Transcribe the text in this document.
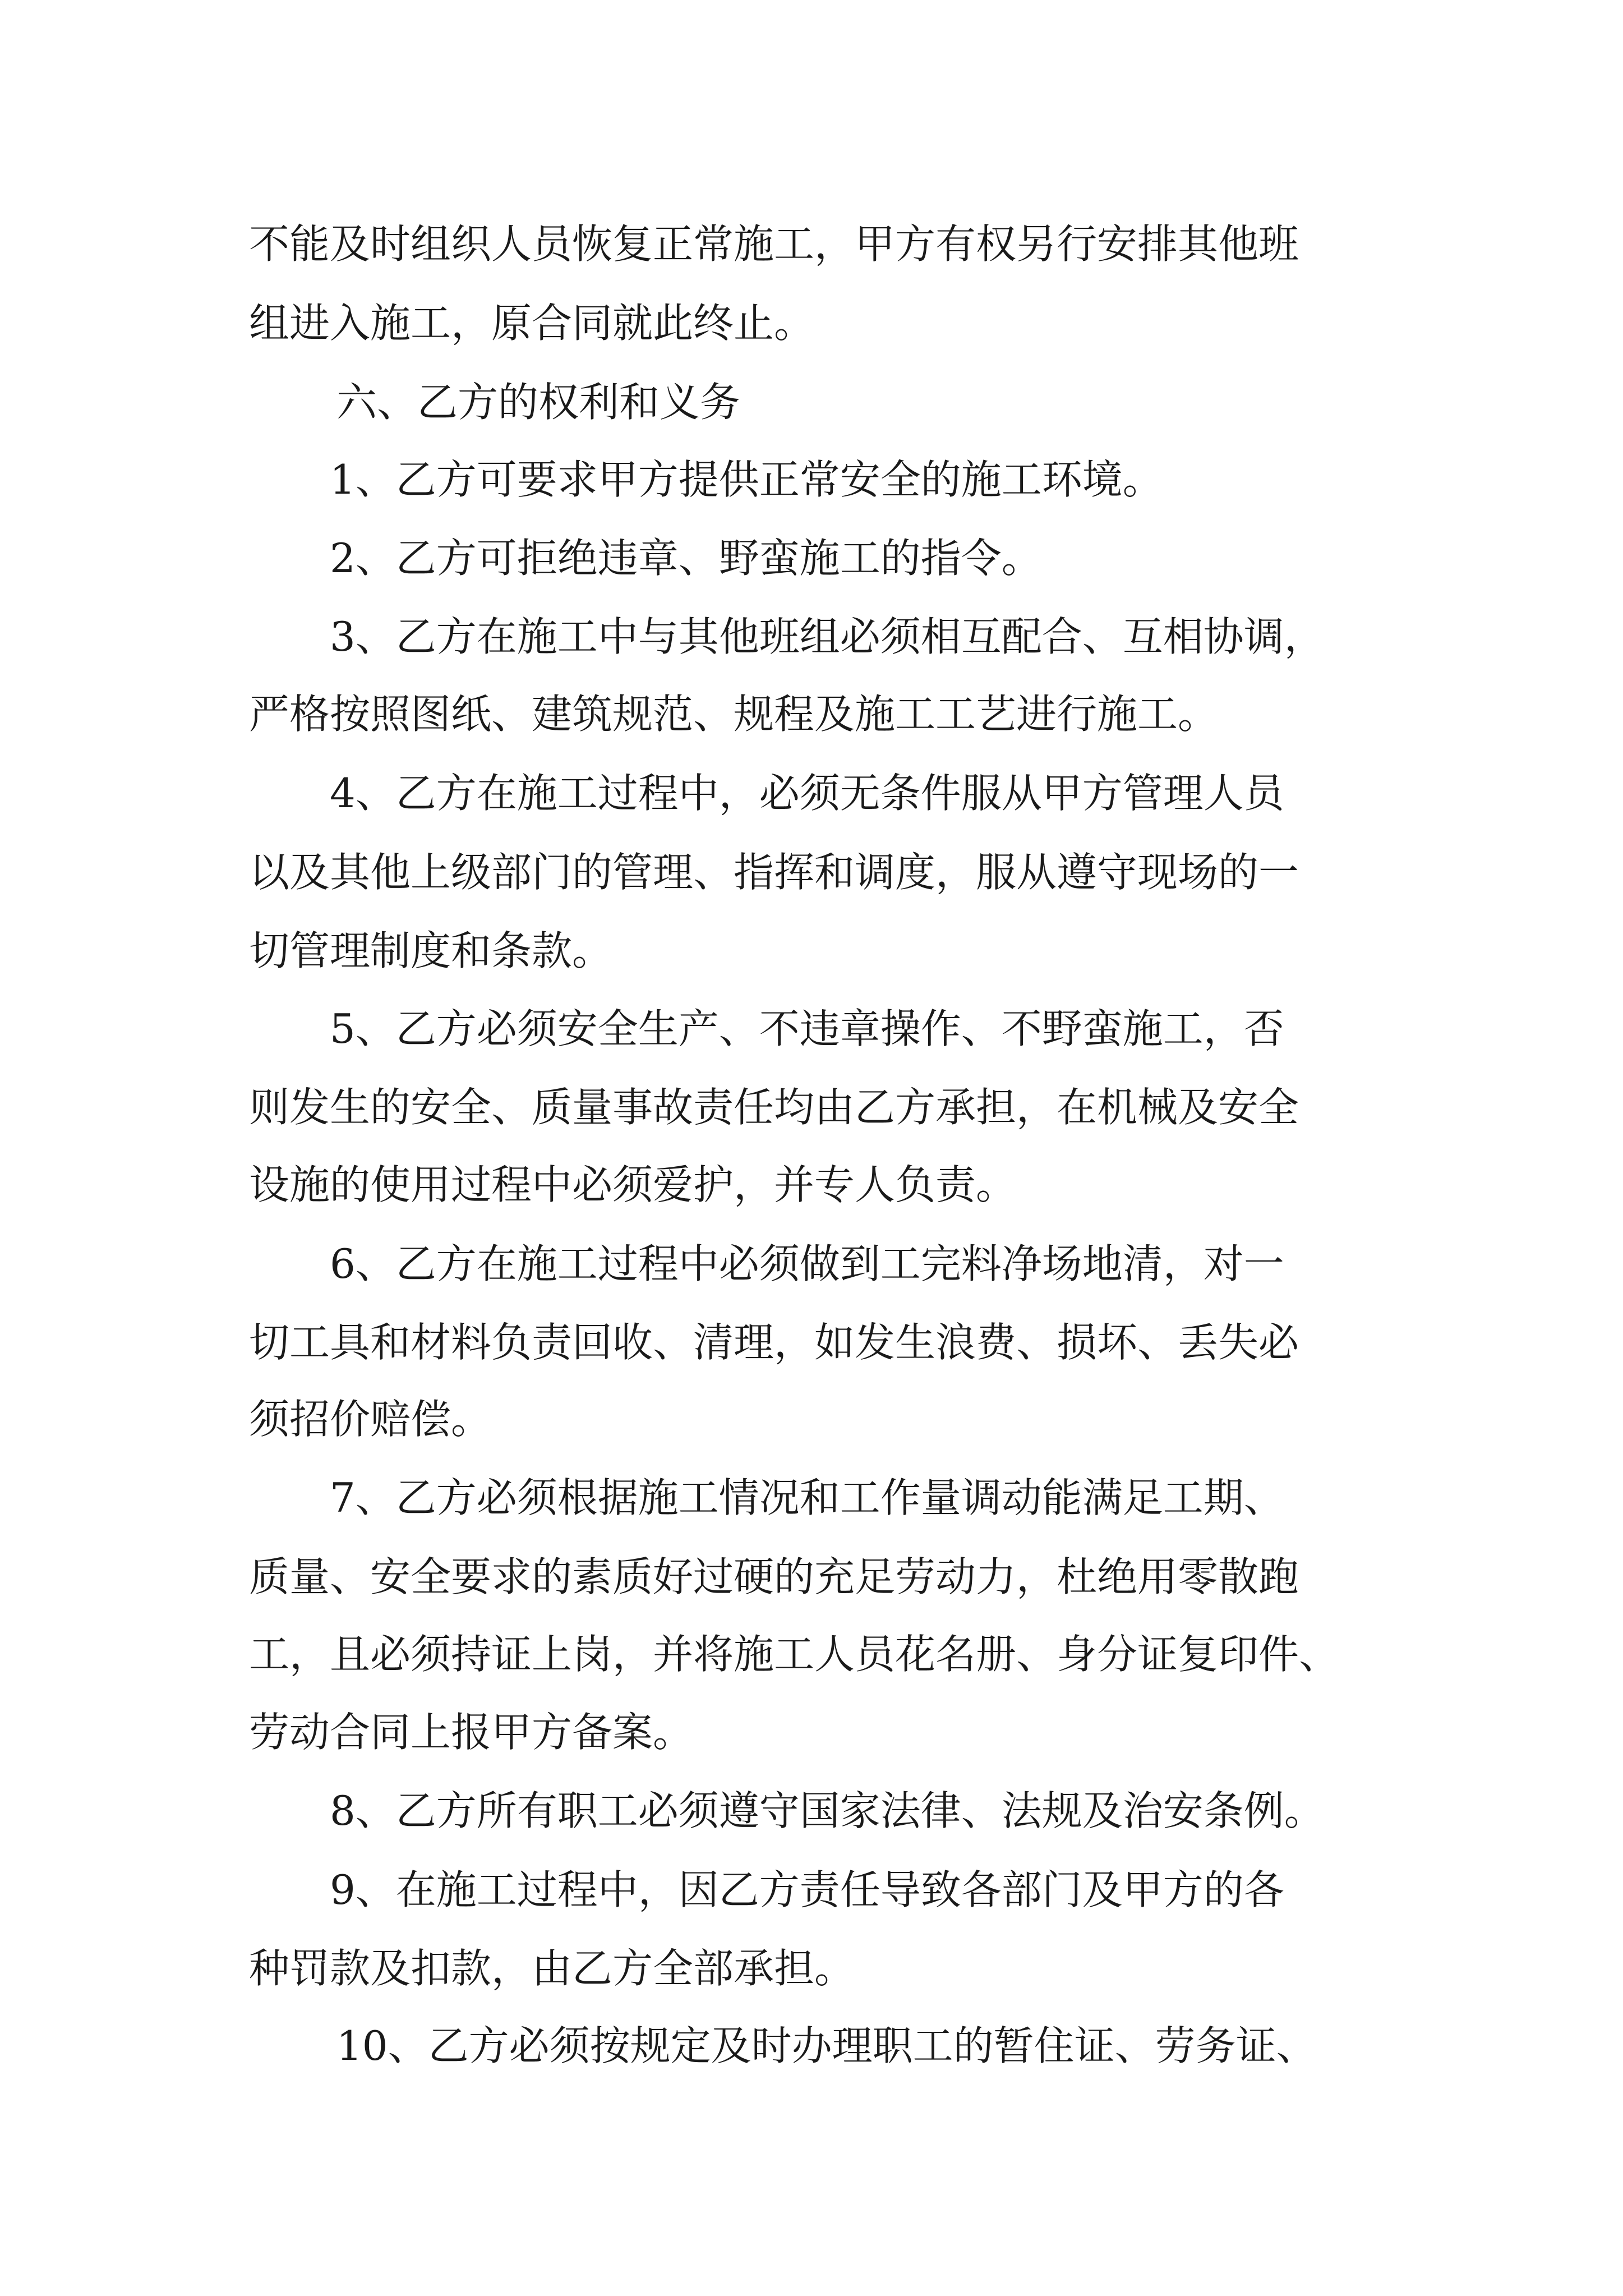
不能及时组织人员恢复正常施工，甲方有权另行安排其他班
组进入施工，原合同就此终止。
六、乙方的权利和义务
1、乙方可要求甲方提供正常安全的施工环境。
2、乙方可拒绝违章、野蛮施工的指令。
3、乙方在施工中与其他班组必须相互配合、互相协调，
严格按照图纸、建筑规范、规程及施工工艺进行施工。
4、乙方在施工过程中，必须无条件服从甲方管理人员
以及其他上级部门的管理、指挥和调度，服从遵守现场的一
切管理制度和条款。
5、乙方必须安全生产、不违章操作、不野蛮施工，否
则发生的安全、质量事故责任均由乙方承担，在机械及安全
设施的使用过程中必须爱护，并专人负责。
6、乙方在施工过程中必须做到工完料净场地清，对一
切工具和材料负责回收、清理，如发生浪费、损坏、丢失必
须招价赔偿。
7、乙方必须根据施工情况和工作量调动能满足工期、
质量、安全要求的素质好过硬的充足劳动力，杜绝用零散跑
工，且必须持证上岗，并将施工人员花名册、身分证复印件、
劳动合同上报甲方备案。
8、乙方所有职工必须遵守国家法律、法规及治安条例。
9、在施工过程中，因乙方责任导致各部门及甲方的各
种罚款及扣款，由乙方全部承担。
10、乙方必须按规定及时办理职工的暂住证、劳务证、
